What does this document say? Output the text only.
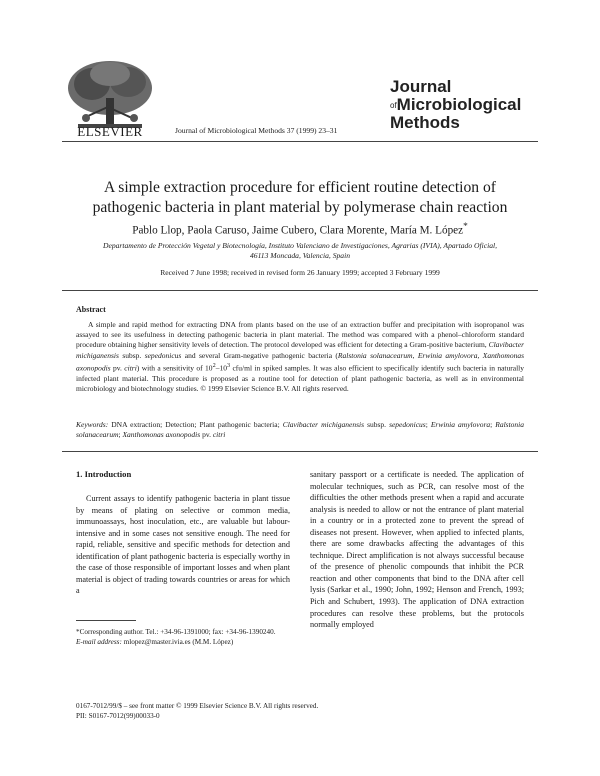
ELSEVIER	Journal of Microbiological Methods 37 (1999) 23–31
Journal
$^{of}$Microbiological
Methods
A simple extraction procedure for efficient routine detection of
pathogenic bacteria in plant material by polymerase chain reaction
Pablo Llop, Paola Caruso, Jaime Cubero, Clara Morente, María M. López*
Departamento de Protección Vegetal y Biotecnología, Instituto Valenciano de Investigaciones, Agrarias (IVIA), Apartado Oficial,
46113 Moncada, Valencia, Spain
Received 7 June 1998; received in revised form 26 January 1999; accepted 3 February 1999
Abstract
A simple and rapid method for extracting DNA from plants based on the use of an extraction buffer and precipitation with isopropanol was assayed to see its usefulness in detecting pathogenic bacteria in plant material. The method was compared with a phenol–chloroform standard procedure obtaining higher sensitivity levels of detection. The protocol developed was efficient for detecting a Gram-positive bacterium, Clavibacter michiganensis subsp. sepedonicus and several Gram-negative pathogenic bacteria (Ralstonia solanacearum, Erwinia amylovora, Xanthomonas axonopodis pv. citri) with a sensitivity of $10^2-10^3$ cfu/ml in spiked samples. It was also efficient to specifically identify such bacteria in naturally infected plant material. This procedure is proposed as a routine tool for detection of plant pathogenic bacteria, as well as in environmental microbiology and biotechnology studies. © 1999 Elsevier Science B.V. All rights reserved.
Keywords: DNA extraction; Detection; Plant pathogenic bacteria; Clavibacter michiganensis subsp. sepedonicus; Erwinia amylovora; Ralstonia solanacearum; Xanthomonas axonopodis pv. citri
1. Introduction
Current assays to identify pathogenic bacteria in plant tissue by means of plating on selective or common media, immunoassays, host inoculation, etc., are valuable but labour-intensive and in some cases not sensitive enough. The need for rapid, reliable, sensitive and specific methods for detection and identification of plant pathogenic bacteria is especially worthy in the case of those responsible of important losses and when plant material is object of trading towards countries or areas for which a
sanitary passport or a certificate is needed. The application of molecular techniques, such as PCR, can resolve most of the difficulties the other methods present when a rapid and accurate analysis is needed to allow or not the entrance of plant material in a country or in a protected zone to prevent the spread of diseases not present. However, when applied to infected plants, there are some drawbacks affecting the advantages of this technique. Direct amplification is not always successful because of the presence of phenolic compounds that inhibit the PCR reaction and other components that bind to the DNA after cell lysis (Sarkar et al., 1990; John, 1992; Henson and French, 1993; Pich and Schubert, 1993). The application of DNA extraction procedures can resolve these problems, but the protocols normally employed
*Corresponding author. Tel.: +34-96-1391000; fax: +34-96-1390240.
E-mail address: mlopez@master.ivia.es (M.M. López)
0167-7012/99/$ – see front matter © 1999 Elsevier Science B.V. All rights reserved.
PII: S0167-7012(99)00033-0
